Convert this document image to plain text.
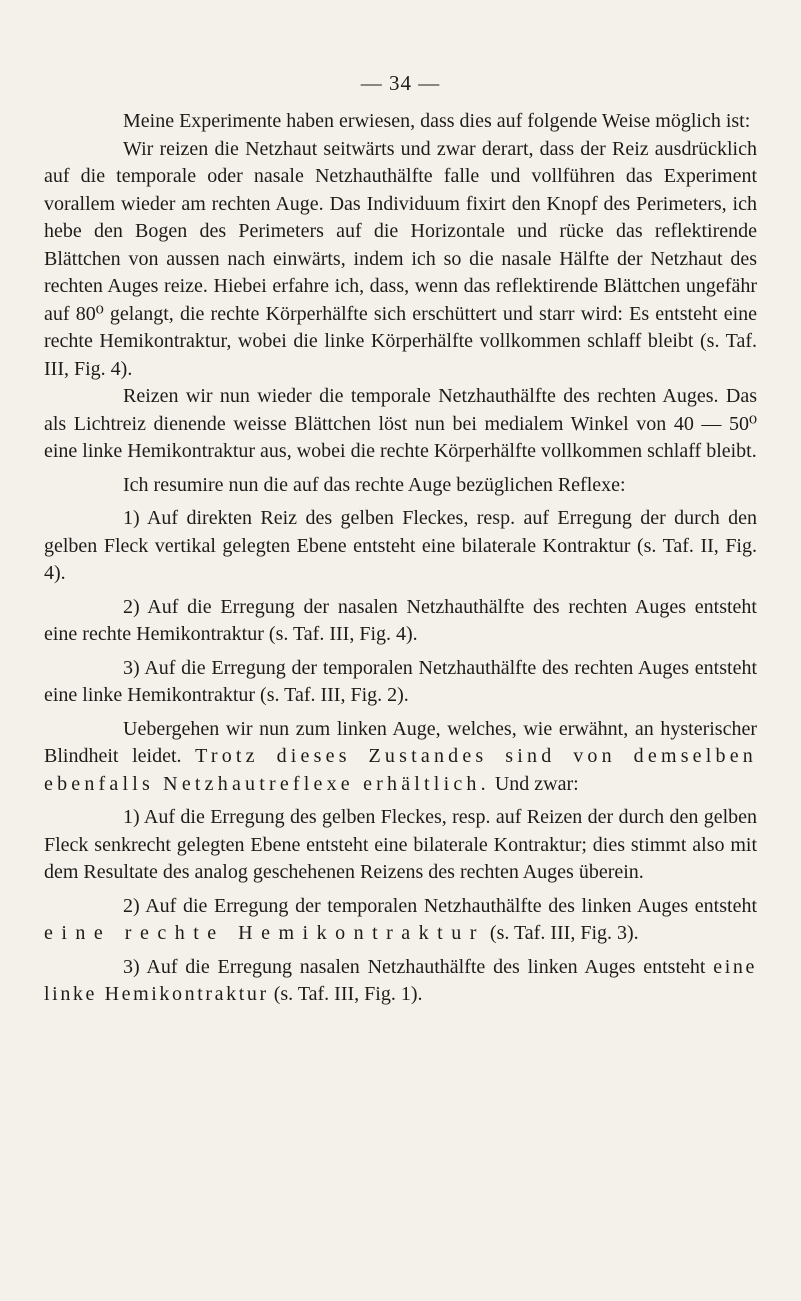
— 34 —

Meine Experimente haben erwiesen, dass dies auf folgende Weise möglich ist:

Wir reizen die Netzhaut seitwärts und zwar derart, dass der Reiz ausdrücklich auf die temporale oder nasale Netzhauthälfte falle und vollführen das Experiment vorallem wieder am rechten Auge. Das Individuum fixirt den Knopf des Perimeters, ich hebe den Bogen des Perimeters auf die Horizontale und rücke das reflektirende Blättchen von aussen nach einwärts, indem ich so die nasale Hälfte der Netzhaut des rechten Auges reize. Hiebei erfahre ich, dass, wenn das reflektirende Blättchen ungefähr auf 80⁰ gelangt, die rechte Körperhälfte sich erschüttert und starr wird: Es entsteht eine rechte Hemikontraktur, wobei die linke Körperhälfte vollkommen schlaff bleibt (s. Taf. III, Fig. 4).

Reizen wir nun wieder die temporale Netzhauthälfte des rechten Auges. Das als Lichtreiz dienende weisse Blättchen löst nun bei medialem Winkel von 40 — 50⁰ eine linke Hemikontraktur aus, wobei die rechte Körperhälfte vollkommen schlaff bleibt.

Ich resumire nun die auf das rechte Auge bezüglichen Reflexe:

1) Auf direkten Reiz des gelben Fleckes, resp. auf Erregung der durch den gelben Fleck vertikal gelegten Ebene entsteht eine bilaterale Kontraktur (s. Taf. II, Fig. 4).

2) Auf die Erregung der nasalen Netzhauthälfte des rechten Auges entsteht eine rechte Hemikontraktur (s. Taf. III, Fig. 4).

3) Auf die Erregung der temporalen Netzhauthälfte des rechten Auges entsteht eine linke Hemikontraktur (s. Taf. III, Fig. 2).

Uebergehen wir nun zum linken Auge, welches, wie erwähnt, an hysterischer Blindheit leidet. Trotz dieses Zustandes sind von demselben ebenfalls Netzhautreflexe erhältlich. Und zwar:

1) Auf die Erregung des gelben Fleckes, resp. auf Reizen der durch den gelben Fleck senkrecht gelegten Ebene entsteht eine bilaterale Kontraktur; dies stimmt also mit dem Resultate des analog geschehenen Reizens des rechten Auges überein.

2) Auf die Erregung der temporalen Netzhauthälfte des linken Auges entsteht eine rechte Hemikontraktur (s. Taf. III, Fig. 3).

3) Auf die Erregung nasalen Netzhauthälfte des linken Auges entsteht eine linke Hemikontraktur (s. Taf. III, Fig. 1).
